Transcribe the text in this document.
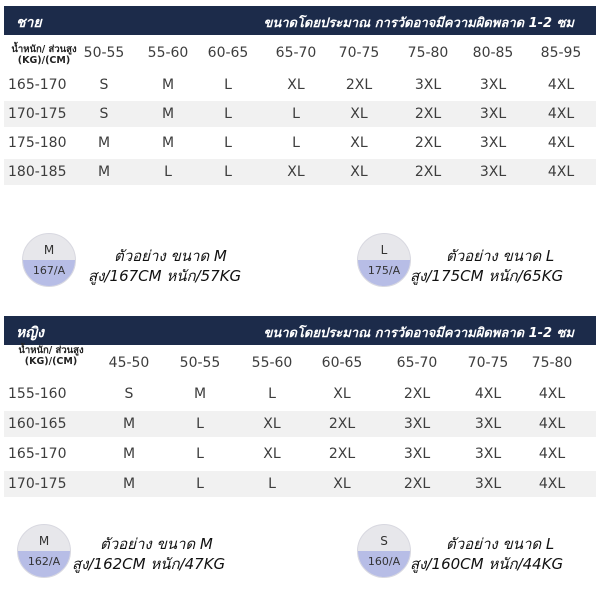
ชาย	ขนาดโดยประมาณ การวัดอาจมีความผิดพลาด 1-2 ซม
น้ำหนัก/ ส่วนสูง
(KG)/(CM) 50-55	55-60	60-65	65-70	70-75	75-80	80-85	85-95
165-170	S	M	L	XL	2XL	3XL	3XL	4XL
170-175	S	M	L	L	XL	2XL	3XL	4XL
175-180	M	M	L	L	XL	2XL	3XL	4XL
180-185	M	L	L	XL	XL	2XL	3XL	4XL
M
167/A
ตัวอย่าง ขนาด M
สูง/167CM หนัก/57KG
L
175/A
ตัวอย่าง ขนาด L
สูง/175CM หนัก/65KG
หญิง	ขนาดโดยประมาณ การวัดอาจมีความผิดพลาด 1-2 ซม
น้ำหนัก/ ส่วนสูง
(KG)/(CM)	45-50	50-55	55-60	60-65	65-70	70-75	75-80
155-160	S	M	L	XL	2XL	4XL	4XL
160-165	M	L	XL	2XL	3XL	3XL	4XL
165-170	M	L	XL	2XL	3XL	3XL	4XL
170-175	M	L	L	XL	2XL	3XL	4XL
M
162/A
ตัวอย่าง ขนาด M
สูง/162CM หนัก/47KG
S
160/A
ตัวอย่าง ขนาด L
สูง/160CM หนัก/44KG
